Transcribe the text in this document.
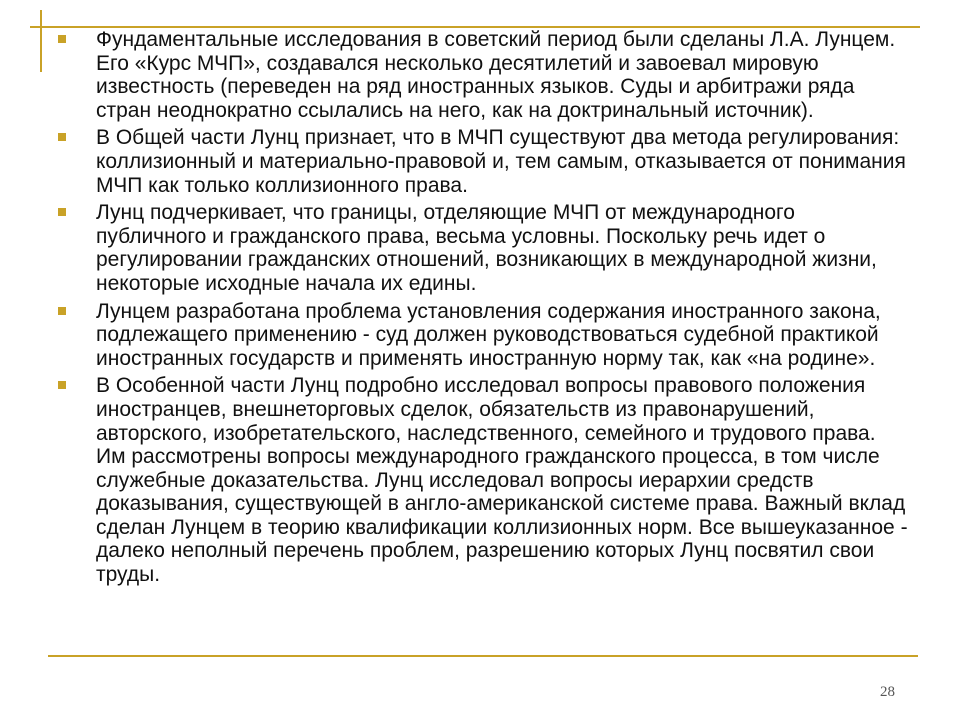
Фундаментальные исследования в советский период были сделаны Л.А. Лунцем. Его «Курс МЧП», создавался несколько десятилетий и завоевал мировую известность (переведен на ряд иностранных языков. Суды и арбитражи ряда стран неоднократно ссылались на него, как на доктринальный источник).
В Общей части Лунц признает, что в МЧП существуют два метода регулирования: коллизионный и материально-правовой и, тем самым, отказывается от понимания МЧП как только коллизионного права.
Лунц подчеркивает, что границы, отделяющие МЧП от международного публичного и гражданского права, весьма условны. Поскольку речь идет о регулировании гражданских отношений, возникающих в международной жизни, некоторые исходные начала их едины.
Лунцем разработана проблема установления содержания иностранного закона, подлежащего применению - суд должен руководствоваться судебной практикой иностранных государств и применять иностранную норму так, как «на родине».
В Особенной части Лунц подробно исследовал вопросы правового положения иностранцев, внешнеторговых сделок, обязательств из правонарушений, авторского, изобретательского, наследственного, семейного и трудового права. Им рассмотрены вопросы международного гражданского процесса, в том числе служебные доказательства. Лунц исследовал вопросы иерархии средств доказывания, существующей в англо-американской системе права. Важный вклад сделан Лунцем в теорию квалификации коллизионных норм. Все вышеуказанное - далеко неполный перечень проблем, разрешению которых Лунц посвятил свои труды.
28
